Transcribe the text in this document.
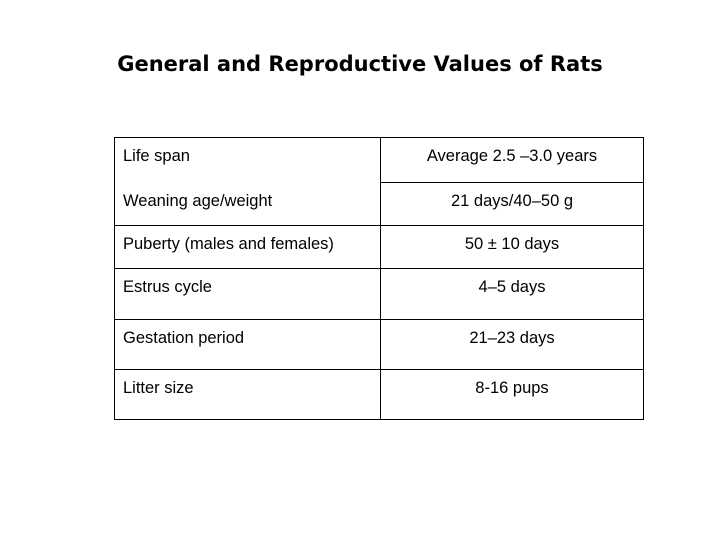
General and Reproductive Values of Rats
Life span	Average 2.5 –3.0 years
Weaning age/weight	21 days/40–50 g
Puberty (males and females)	50 ± 10 days
Estrus cycle	4–5 days
Gestation period	21–23 days
Litter size	8-16 pups
